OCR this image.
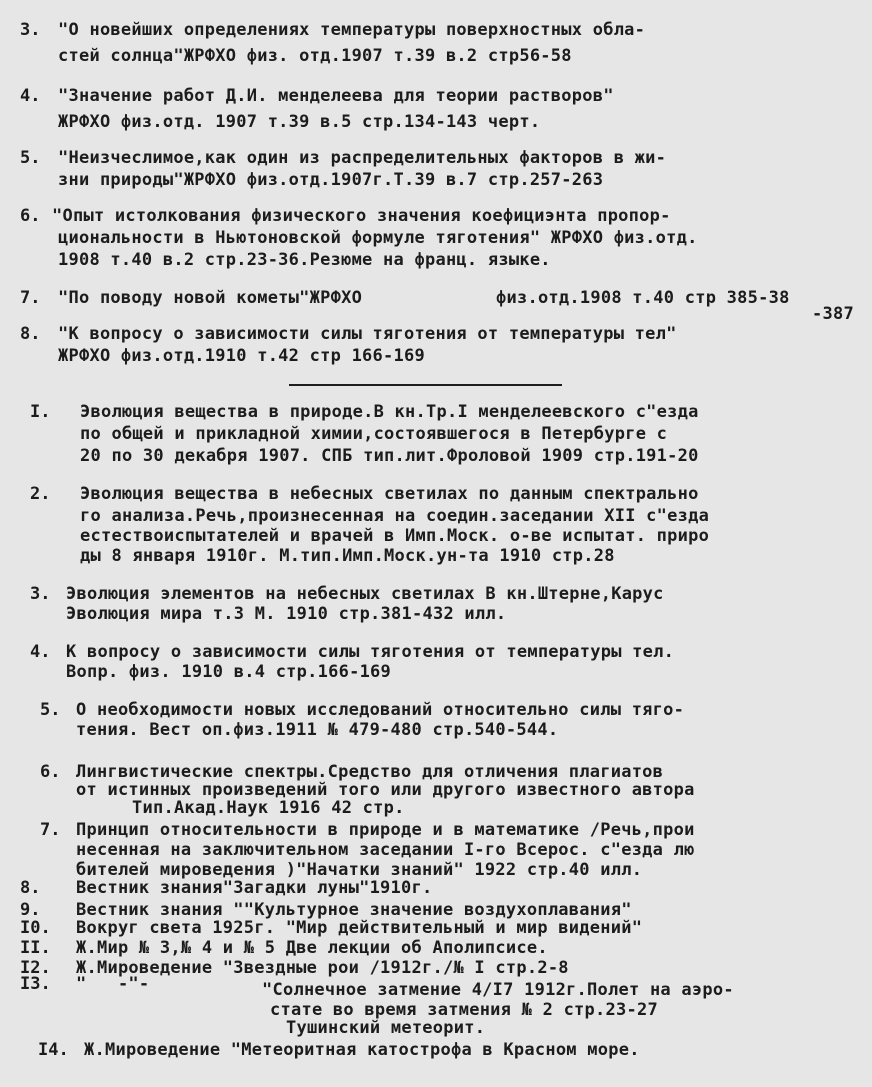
3. "О новейших определениях температуры поверхностных обла-
стей солнца"ЖРФХО физ. отд.1907 т.39 в.2 стр56-58
4. "Значение работ Д.И. менделеева для теории растворов"
ЖРФХО физ.отд. 1907 т.39 в.5 стр.134-143 черт.
5. "Неизчеслимое,как один из распределительных факторов в жи-
зни природы"ЖРФХО физ.отд.1907г.Т.39 в.7 стр.257-263
6. "Опыт истолкования физического значения коефициэнта пропор-
циональности в Ньютоновской формуле тяготения" ЖРФХО физ.отд.
1908 т.40 в.2 стр.23-36.Резюме на франц. языке.
7. "По поводу новой кометы"ЖРФХО	физ.отд.1908 т.40 стр 385-38
-387
8. "К вопросу о зависимости силы тяготения от температуры тел"
ЖРФХО физ.отд.1910 т.42 стр 166-169
I. Эволюция вещества в природе.В кн.Тр.I менделеевского с"езда
по общей и прикладной химии,состоявшегося в Петербурге с
20 по 30 декабря 1907. СПБ тип.лит.Фроловой 1909 стр.191-20
2. Эволюция вещества в небесных светилах по данным спектрально
го анализа.Речь,произнесенная на соедин.заседании ХII с"езда
естествоиспытателей и врачей в Имп.Моск. о-ве испытат. приро
ды 8 января 1910г. М.тип.Имп.Моск.ун-та 1910 стр.28
3. Эволюция элементов на небесных светилах В кн.Штерне,Карус
Эволюция мира т.3 М. 1910 стр.381-432 илл.
4. К вопросу о зависимости силы тяготения от температуры тел.
Вопр. физ. 1910 в.4 стр.166-169
5. О необходимости новых исследований относительно силы тяго-
тения. Вест оп.физ.1911 № 479-480 стр.540-544.
6. Лингвистические спектры.Средство для отличения плагиатов
от истинных произведений того или другого известного автора
Тип.Акад.Наук 1916 42 стр.
7. Принцип относительности в природе и в математике /Речь,прои
несенная на заключительном заседании I-го Всерос. с"езда лю
бителей мироведения )"Начатки знаний" 1922 стр.40 илл.
8. Вестник знания"Загадки луны"1910г.
9. Вестник знания ""Культурное значение воздухоплавания"
I0. Вокруг света 1925г. "Мир действительный и мир видений"
II. Ж.Мир № 3,№ 4 и № 5 Две лекции об Аполипсисе.
I2. Ж.Мироведение "Звездные рои /1912г./№ I стр.2-8
I3. "   -"-	"Солнечное затмение 4/I7 1912г.Полет на аэро-
стате во время затмения № 2 стр.23-27
Тушинский метеорит.
I4. Ж.Мироведение "Метеоритная катострофа в Красном море.
